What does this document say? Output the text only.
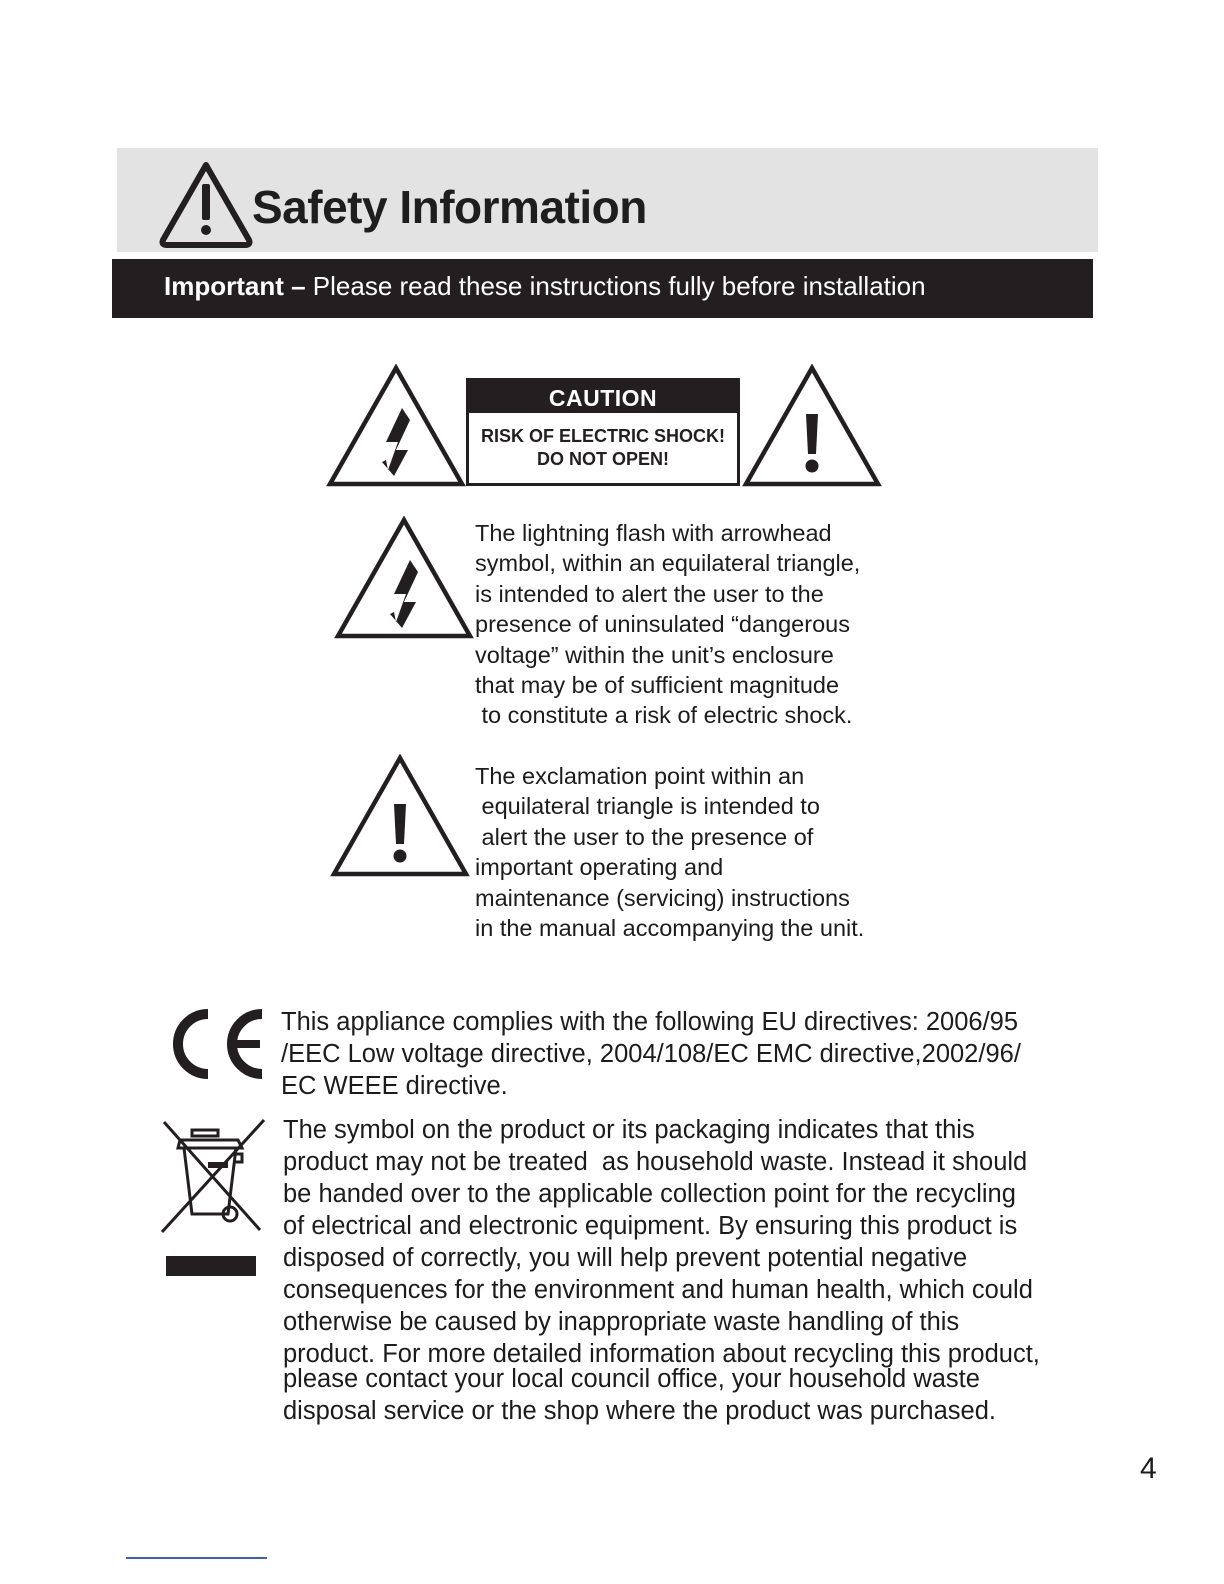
Safety Information
Important – Please read these instructions fully before installation
CAUTION
RISK OF ELECTRIC SHOCK!
DO NOT OPEN!
The lightning flash with arrowhead
symbol, within an equilateral triangle,
is intended to alert the user to the
presence of uninsulated “dangerous
voltage” within the unit’s enclosure
that may be of sufficient magnitude
to constitute a risk of electric shock.
The exclamation point within an
equilateral triangle is intended to
alert the user to the presence of
important operating and
maintenance (servicing) instructions
in the manual accompanying the unit.
This appliance complies with the following EU directives: 2006/95
/EEC Low voltage directive, 2004/108/EC EMC directive,2002/96/
EC WEEE directive.
The symbol on the product or its packaging indicates that this
product may not be treated  as household waste. Instead it should
be handed over to the applicable collection point for the recycling
of electrical and electronic equipment. By ensuring this product is
disposed of correctly, you will help prevent potential negative
consequences for the environment and human health, which could
otherwise be caused by inappropriate waste handling of this
product. For more detailed information about recycling this product,
please contact your local council office, your household waste
disposal service or the shop where the product was purchased.
4
